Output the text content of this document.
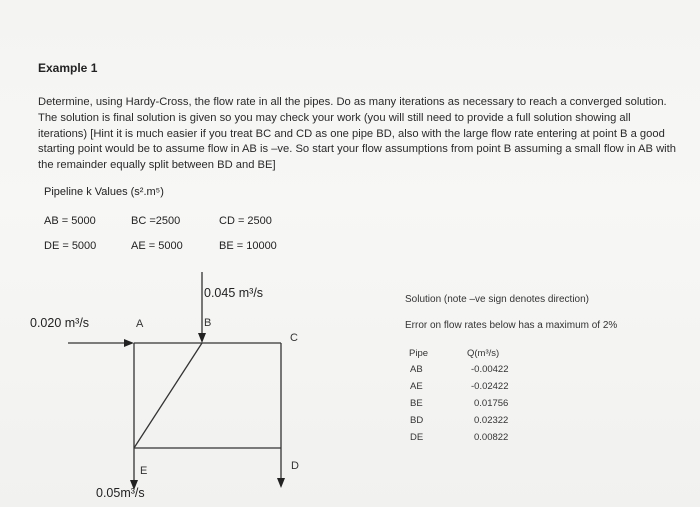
Example 1
Determine, using Hardy-Cross, the flow rate in all the pipes. Do as many iterations as necessary to reach a converged solution. The solution is final solution is given so you may check your work (you will still need to provide a full solution showing all iterations) [Hint it is much easier if you treat BC and CD as one pipe BD, also with the large flow rate entering at point B a good starting point would be to assume flow in AB is –ve. So start your flow assumptions from point B assuming a small flow in AB with the remainder equally split between BD and BE]
Pipeline k Values (s².m⁵)
AB = 5000	BC =2500	CD = 2500
DE = 5000	AE = 5000	BE = 10000
0.020 m³/s
0.045 m³/s
0.05m³/s
A	B
C
D
E
Solution (note –ve sign denotes direction)
Error on flow rates below has a maximum of 2%
Pipe	Q(m³/s)
AB	-0.00422
AE	-0.02422
BE	0.01756
BD	0.02322
DE	0.00822
